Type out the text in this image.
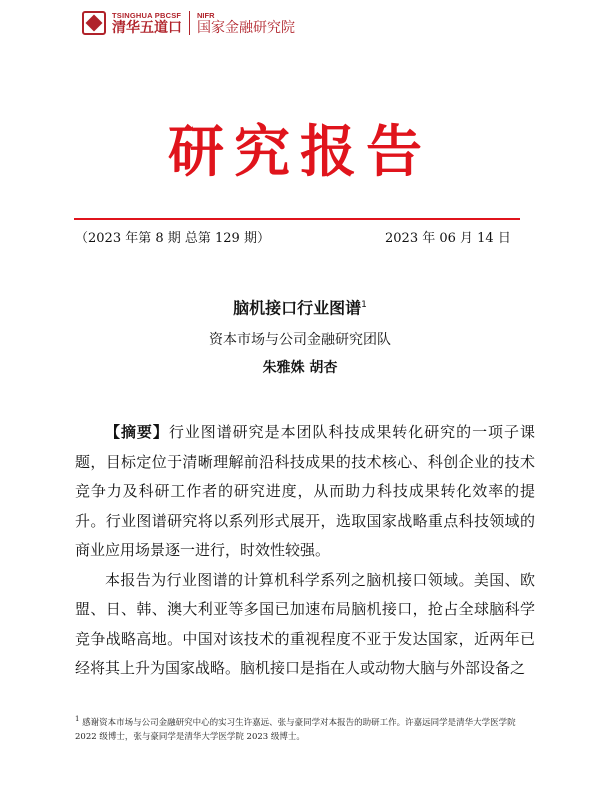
TSINGHUA PBCSF
清华五道口
NIFR
国家金融研究院
研究报告
（2023 年第 8 期 总第 129 期）	2023 年 06 月 14 日
脑机接口行业图谱$^1$
资本市场与公司金融研究团队
朱雅姝 胡杏

【摘要】行业图谱研究是本团队科技成果转化研究的一项子课题，目标定位于清晰理解前沿科技成果的技术核心、科创企业的技术竞争力及科研工作者的研究进度，从而助力科技成果转化效率的提升。行业图谱研究将以系列形式展开，选取国家战略重点科技领域的商业应用场景逐一进行，时效性较强。

本报告为行业图谱的计算机科学系列之脑机接口领域。美国、欧盟、日、韩、澳大利亚等多国已加速布局脑机接口，抢占全球脑科学竞争战略高地。中国对该技术的重视程度不亚于发达国家，近两年已经将其上升为国家战略。脑机接口是指在人或动物大脑与外部设备之

$^1$ 感谢资本市场与公司金融研究中心的实习生许嘉远、张与豪同学对本报告的助研工作。许嘉远同学是清华大学医学院 2022 级博士，张与豪同学是清华大学医学院 2023 级博士。
